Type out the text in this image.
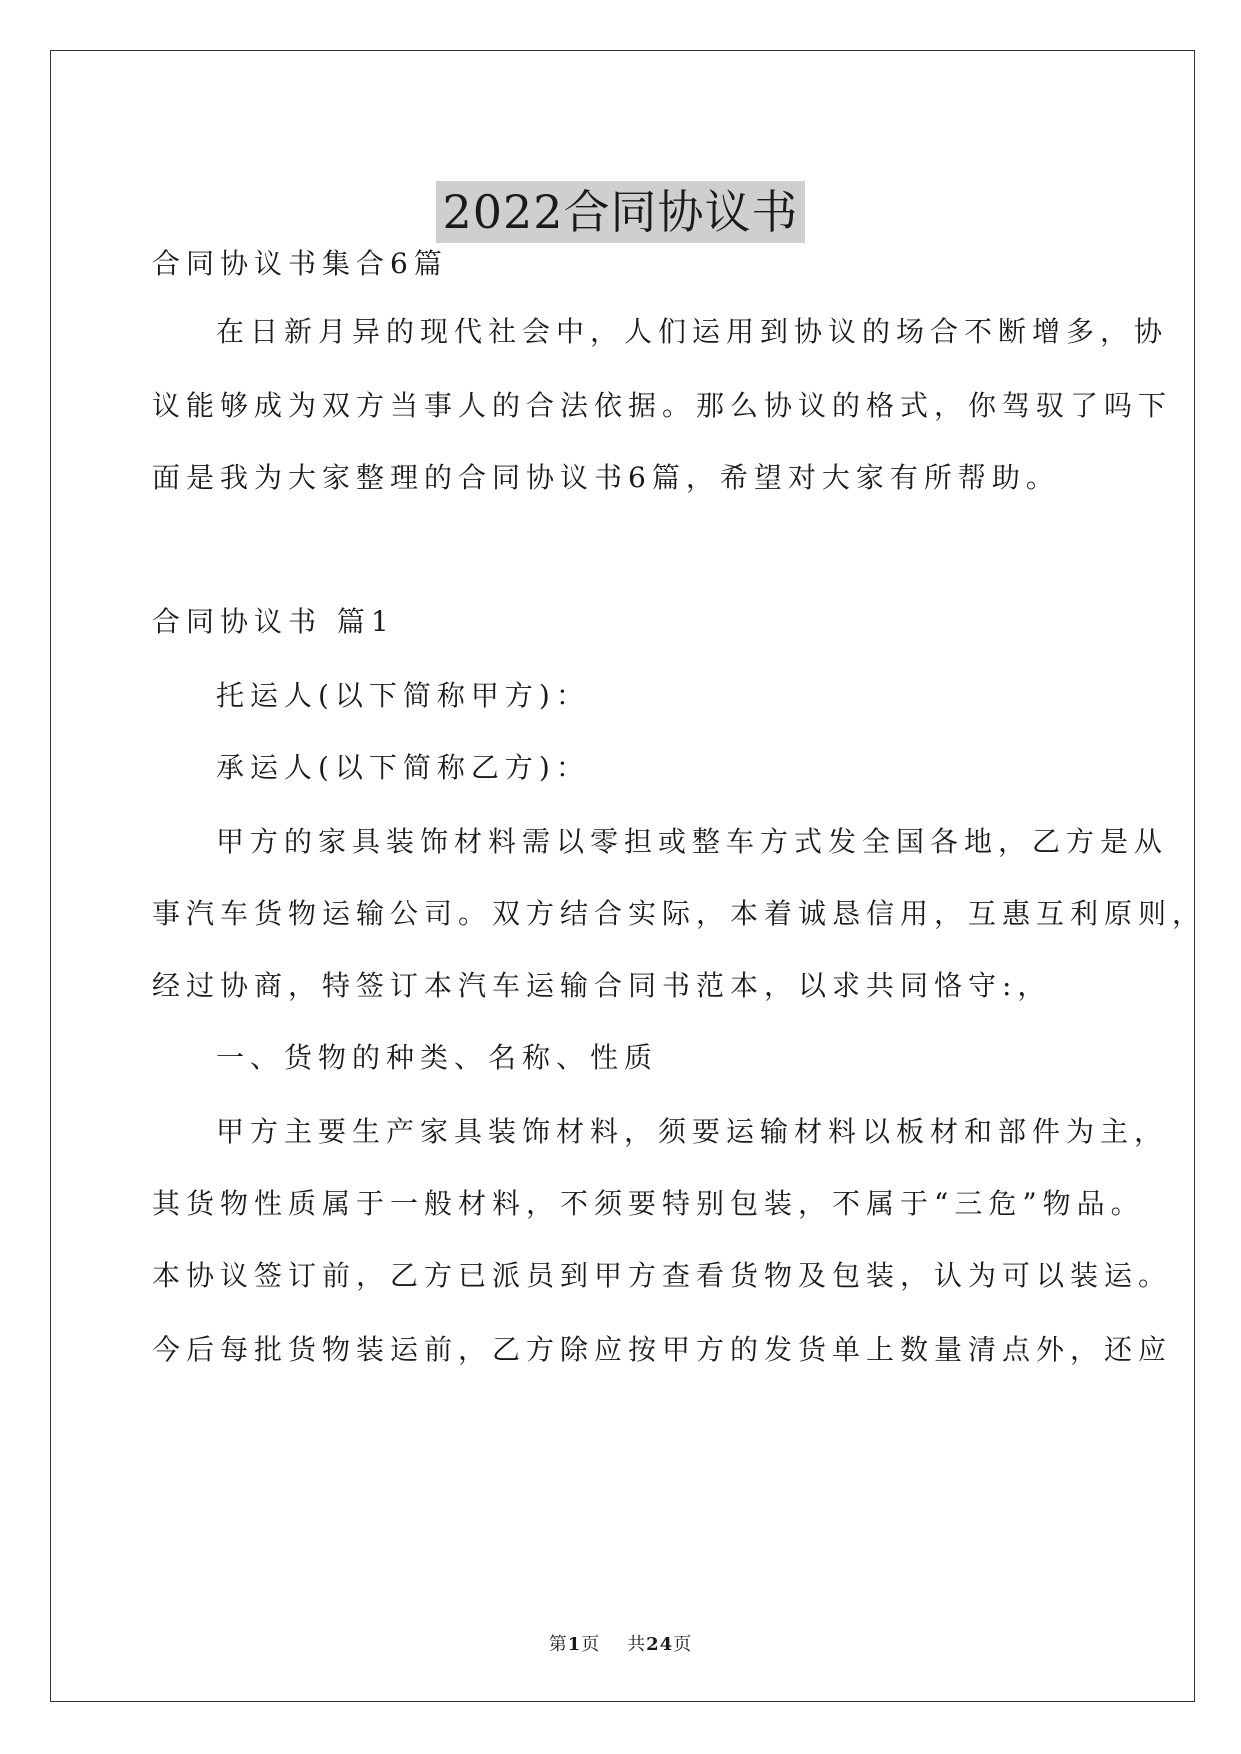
2022合同协议书

合同协议书集合6篇

在日新月异的现代社会中，人们运用到协议的场合不断增多，协

议能够成为双方当事人的合法依据。那么协议的格式，你驾驭了吗下

面是我为大家整理的合同协议书6篇，希望对大家有所帮助。

合同协议书 篇1

托运人(以下简称甲方)：

承运人(以下简称乙方)：

甲方的家具装饰材料需以零担或整车方式发全国各地，乙方是从

事汽车货物运输公司。双方结合实际，本着诚恳信用，互惠互利原则，

经过协商，特签订本汽车运输合同书范本，以求共同恪守:，

一、货物的种类、名称、性质

甲方主要生产家具装饰材料，须要运输材料以板材和部件为主，

其货物性质属于一般材料，不须要特别包装，不属于“三危”物品。

本协议签订前，乙方已派员到甲方查看货物及包装，认为可以装运。

今后每批货物装运前，乙方除应按甲方的发货单上数量清点外，还应

第1页 共24页
